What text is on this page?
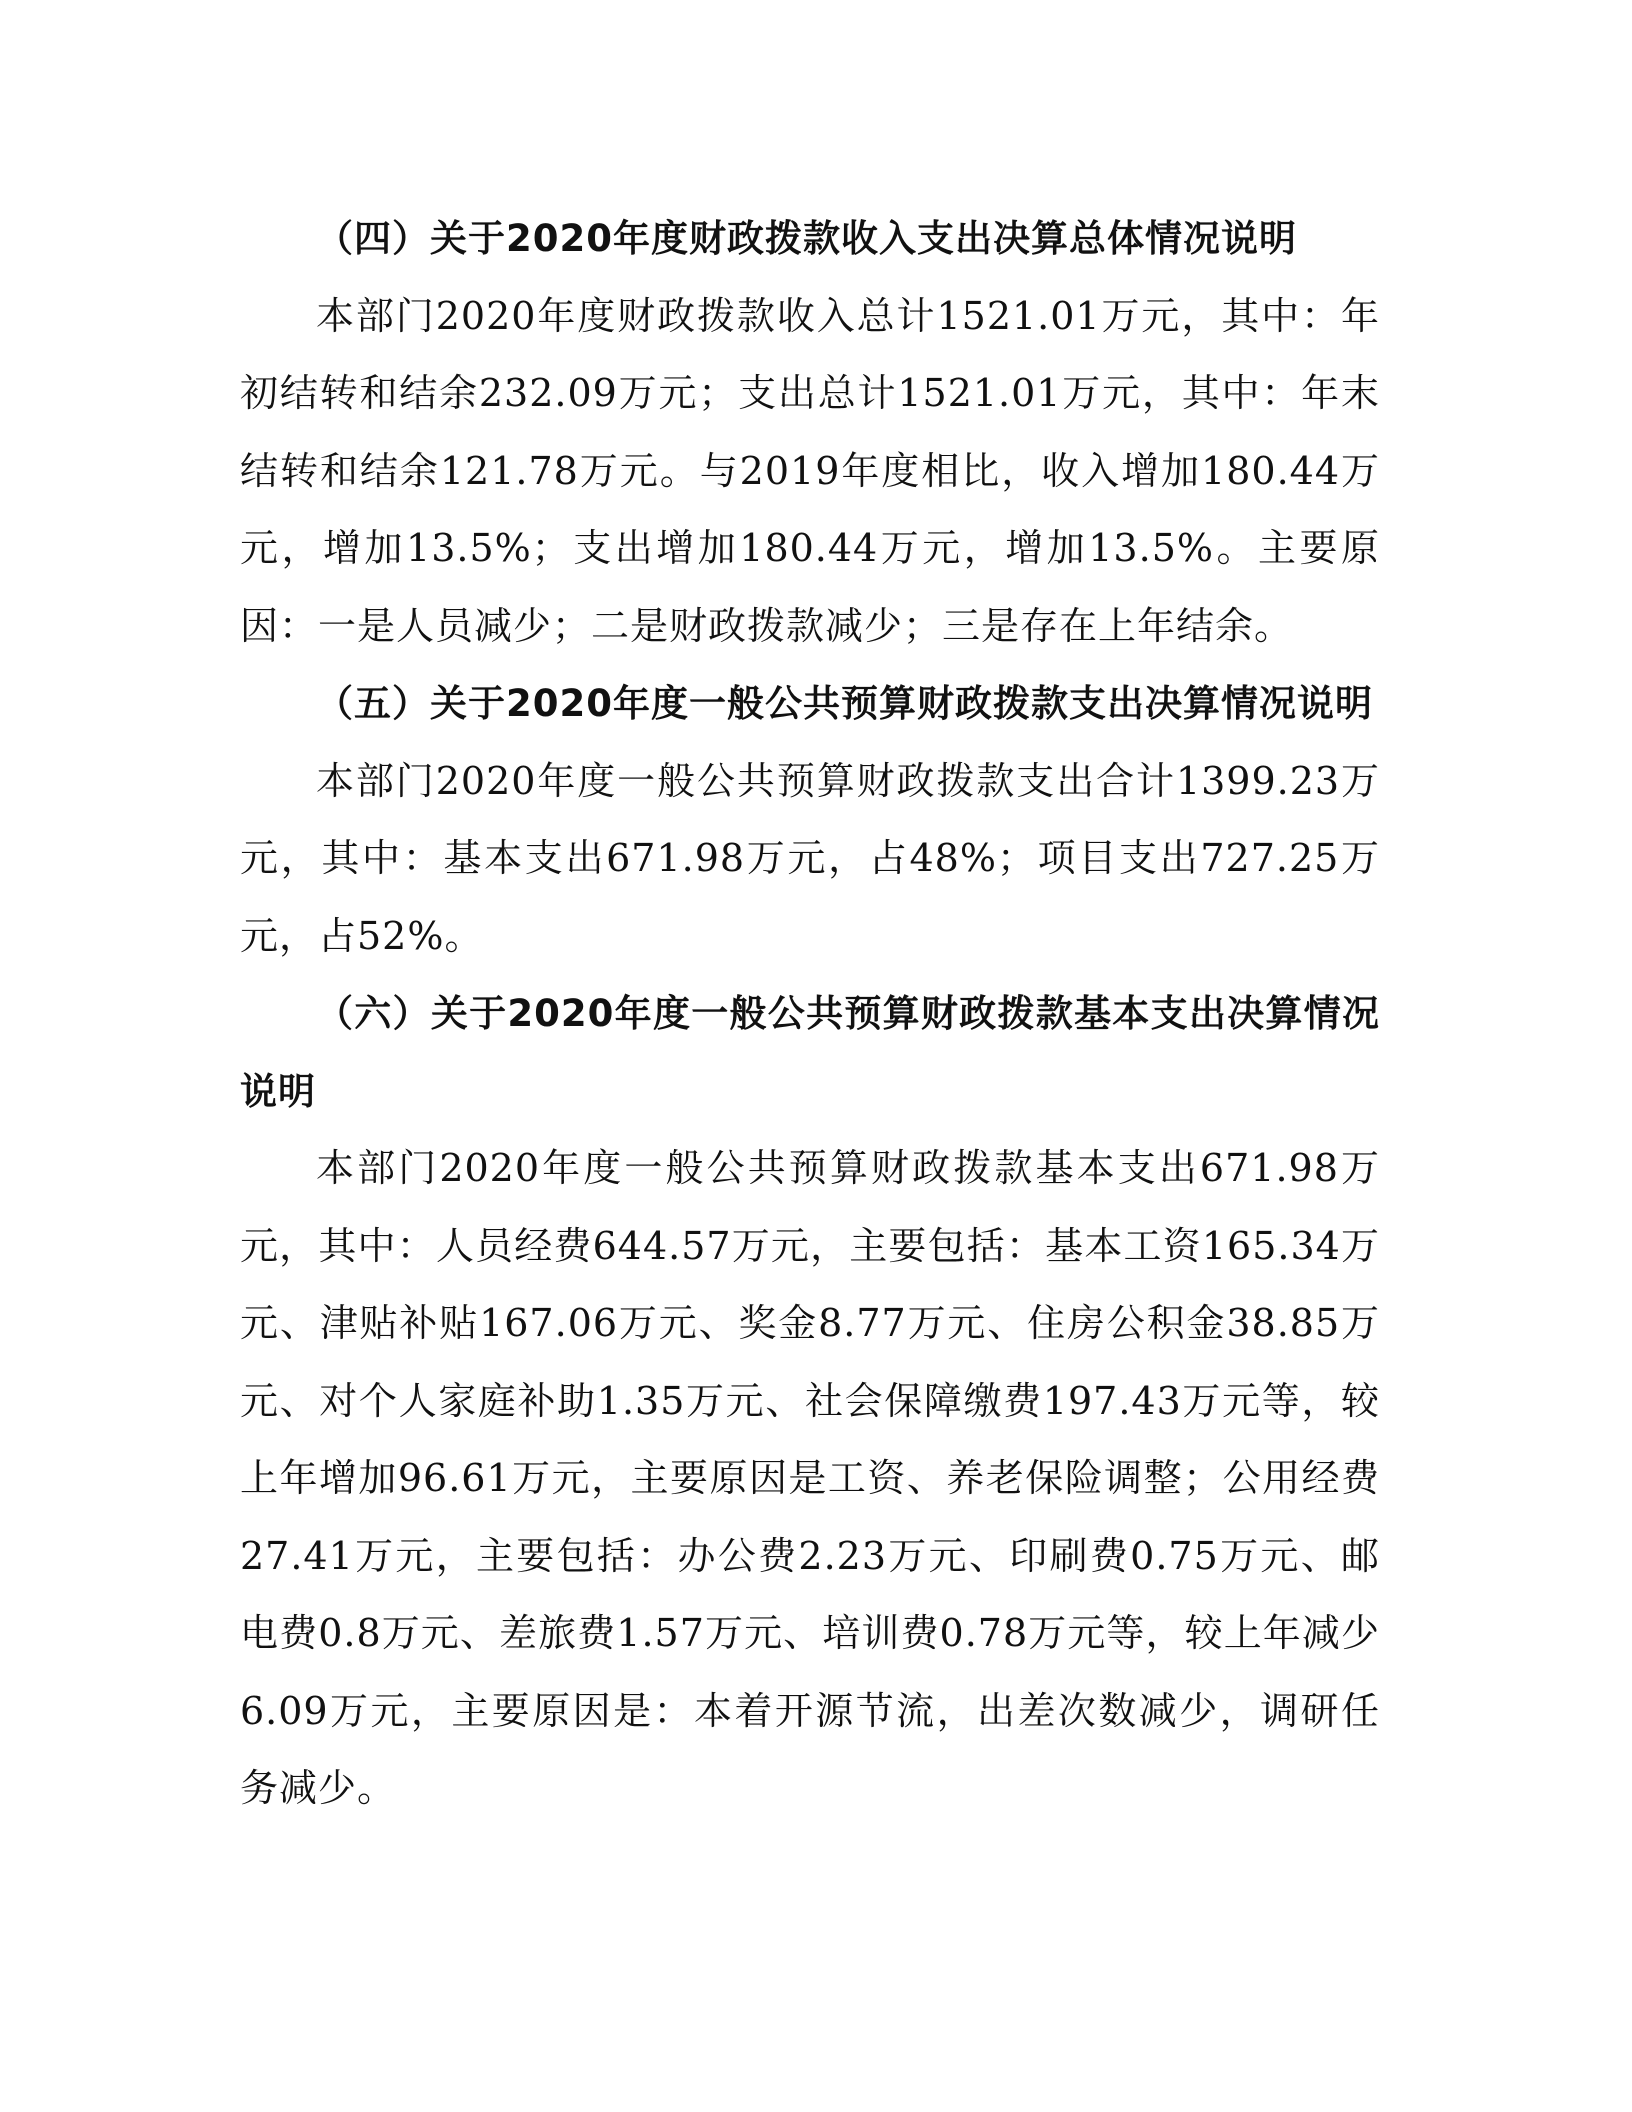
（四）关于2020年度财政拨款收入支出决算总体情况说明

本部门2020年度财政拨款收入总计1521.01万元，其中：年初结转和结余232.09万元；支出总计1521.01万元，其中：年末结转和结余121.78万元。与2019年度相比，收入增加180.44万元，增加13.5%；支出增加180.44万元，增加13.5%。主要原因：一是人员减少；二是财政拨款减少；三是存在上年结余。

（五）关于2020年度一般公共预算财政拨款支出决算情况说明

本部门2020年度一般公共预算财政拨款支出合计1399.23万元，其中：基本支出671.98万元，占48%；项目支出727.25万元，占52%。

（六）关于2020年度一般公共预算财政拨款基本支出决算情况说明

本部门2020年度一般公共预算财政拨款基本支出671.98万元，其中：人员经费644.57万元，主要包括：基本工资165.34万元、津贴补贴167.06万元、奖金8.77万元、住房公积金38.85万元、对个人家庭补助1.35万元、社会保障缴费197.43万元等，较上年增加96.61万元，主要原因是工资、养老保险调整；公用经费27.41万元，主要包括：办公费2.23万元、印刷费0.75万元、邮电费0.8万元、差旅费1.57万元、培训费0.78万元等，较上年减少6.09万元，主要原因是：本着开源节流，出差次数减少，调研任务减少。
